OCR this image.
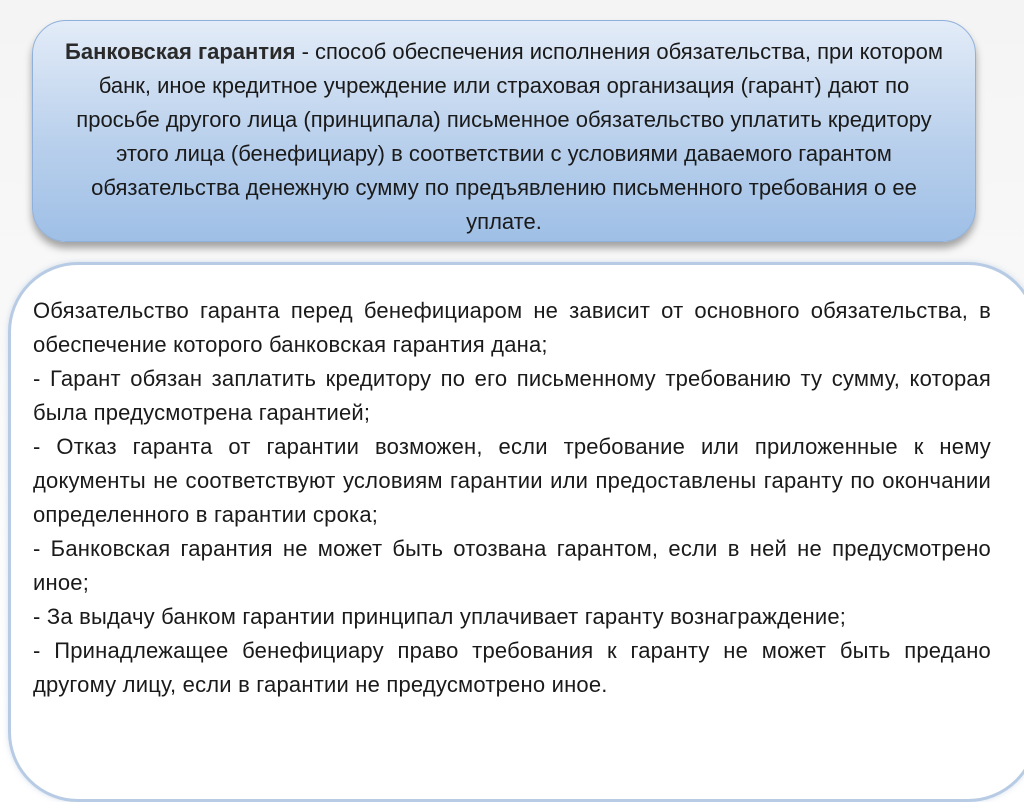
Банковская гарантия - способ обеспечения исполнения обязательства, при котором банк, иное кредитное учреждение или страховая организация (гарант) дают по просьбе другого лица (принципала) письменное обязательство уплатить кредитору этого лица (бенефициару) в соответствии с условиями даваемого гарантом обязательства денежную сумму по предъявлению письменного требования о ее уплате.

Обязательство гаранта перед бенефициаром не зависит от основного обязательства, в обеспечение которого банковская гарантия дана;

- Гарант обязан заплатить кредитору по его письменному требованию ту сумму, которая была предусмотрена гарантией;

- Отказ гаранта от гарантии возможен, если требование или приложенные к нему документы не соответствуют условиям гарантии или предоставлены гаранту по окончании определенного в гарантии срока;

- Банковская гарантия не может быть отозвана гарантом, если в ней не предусмотрено иное;

- За выдачу банком гарантии принципал уплачивает гаранту вознаграждение;

- Принадлежащее бенефициару право требования к гаранту не может быть предано другому лицу, если в гарантии не предусмотрено иное.
